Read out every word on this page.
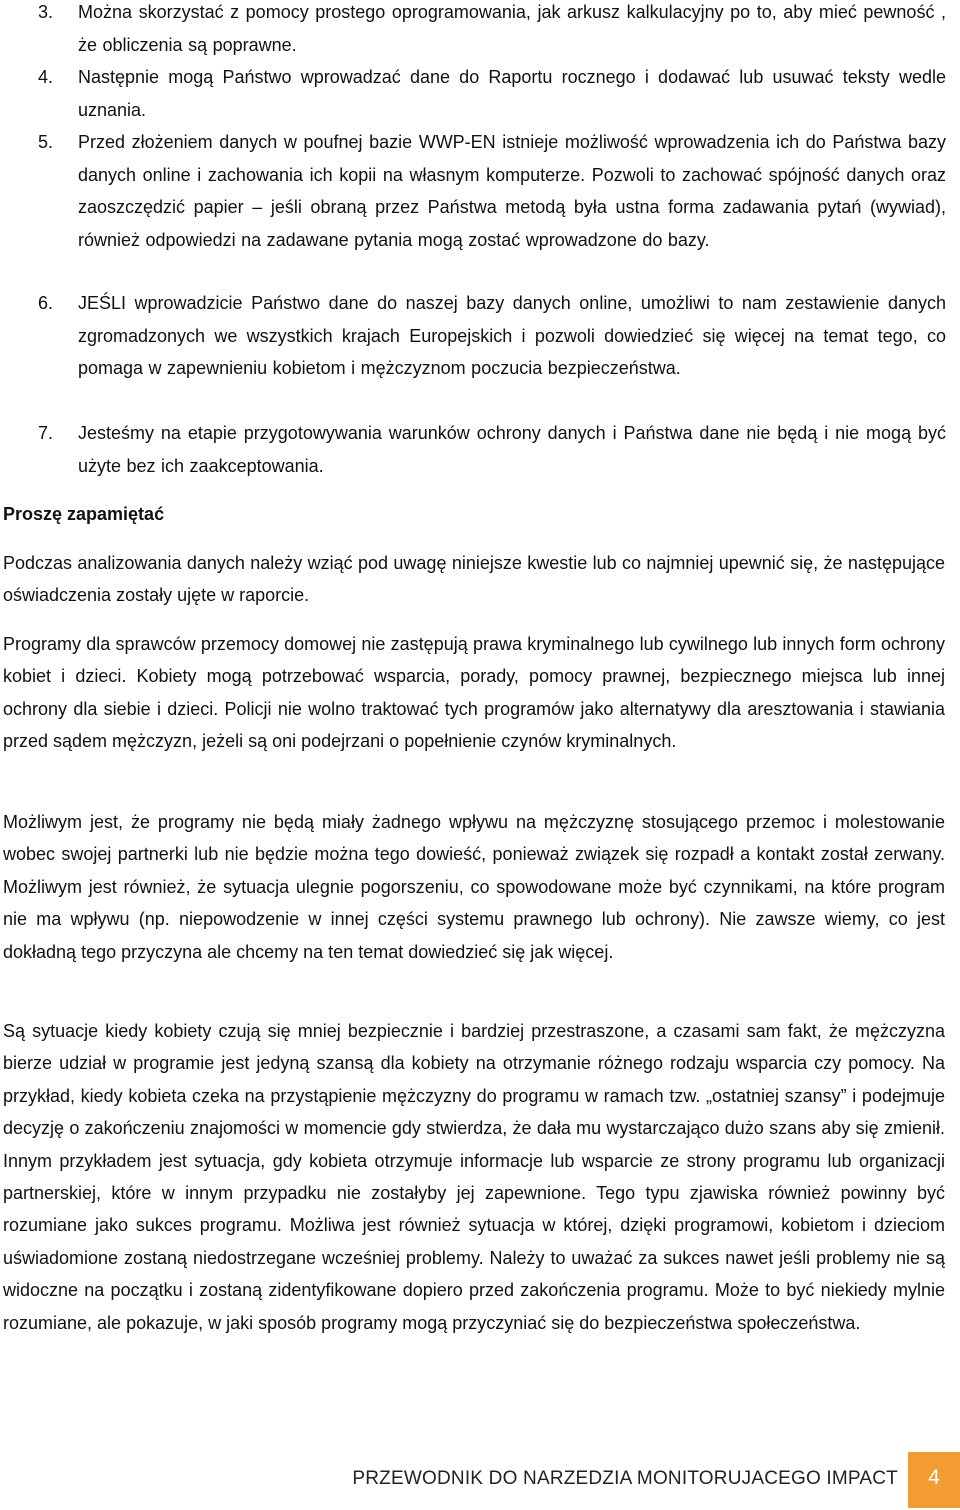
3. Można skorzystać z pomocy prostego oprogramowania, jak arkusz kalkulacyjny po to, aby mieć pewność , że obliczenia są poprawne.
4. Następnie mogą Państwo wprowadzać dane do Raportu rocznego i dodawać lub usuwać teksty wedle uznania.
5. Przed złożeniem danych w poufnej bazie WWP-EN istnieje możliwość wprowadzenia ich do Państwa bazy danych online i zachowania ich kopii na własnym komputerze. Pozwoli to zachować spójność danych oraz zaoszczędzić papier – jeśli obraną przez Państwa metodą była ustna forma zadawania pytań (wywiad), również odpowiedzi na zadawane pytania mogą zostać wprowadzone do bazy.
6. JEŚLI wprowadzicie Państwo dane do naszej bazy danych online, umożliwi to nam zestawienie danych zgromadzonych we wszystkich krajach Europejskich i pozwoli dowiedzieć się więcej na temat tego, co pomaga w zapewnieniu kobietom i mężczyznom poczucia bezpieczeństwa.
7. Jesteśmy na etapie przygotowywania warunków ochrony danych i Państwa dane nie będą i nie mogą być użyte bez ich zaakceptowania.
Proszę zapamiętać
Podczas analizowania danych należy wziąć pod uwagę niniejsze kwestie lub co najmniej upewnić się, że następujące oświadczenia zostały ujęte w raporcie.
Programy dla sprawców przemocy domowej nie zastępują prawa kryminalnego lub cywilnego lub innych form ochrony kobiet i dzieci. Kobiety mogą potrzebować wsparcia, porady, pomocy prawnej, bezpiecznego miejsca lub innej ochrony dla siebie i dzieci. Policji nie wolno traktować tych programów jako alternatywy dla aresztowania i stawiania przed sądem mężczyzn, jeżeli są oni podejrzani o popełnienie czynów kryminalnych.
Możliwym jest, że programy nie będą miały żadnego wpływu na mężczyznę stosującego przemoc i molestowanie wobec swojej partnerki lub nie będzie można tego dowieść, ponieważ związek się rozpadł a kontakt został zerwany. Możliwym jest również, że sytuacja ulegnie pogorszeniu, co spowodowane może być czynnikami, na które program nie ma wpływu (np. niepowodzenie w innej części systemu prawnego lub ochrony). Nie zawsze wiemy, co jest dokładną tego przyczyna ale chcemy na ten temat dowiedzieć się jak więcej.
Są sytuacje kiedy kobiety czują się mniej bezpiecznie i bardziej przestraszone, a czasami sam fakt, że mężczyzna bierze udział w programie jest jedyną szansą dla kobiety na otrzymanie różnego rodzaju wsparcia czy pomocy. Na przykład, kiedy kobieta czeka na przystąpienie mężczyzny do programu w ramach tzw. „ostatniej szansy” i podejmuje decyzję o zakończeniu znajomości w momencie gdy stwierdza, że dała mu wystarczająco dużo szans aby się zmienił. Innym przykładem jest sytuacja, gdy kobieta otrzymuje informacje lub wsparcie ze strony programu lub organizacji partnerskiej, które w innym przypadku nie zostałyby jej zapewnione. Tego typu zjawiska również powinny być rozumiane jako sukces programu. Możliwa jest również sytuacja w której, dzięki programowi, kobietom i dzieciom uświadomione zostaną niedostrzegane wcześniej problemy. Należy to uważać za sukces nawet jeśli problemy nie są widoczne na początku i zostaną zidentyfikowane dopiero przed zakończenia programu. Może to być niekiedy mylnie rozumiane, ale pokazuje, w jaki sposób programy mogą przyczyniać się do bezpieczeństwa społeczeństwa.
PRZEWODNIK DO NARZEDZIA MONITORUJACEGO IMPACT	4
